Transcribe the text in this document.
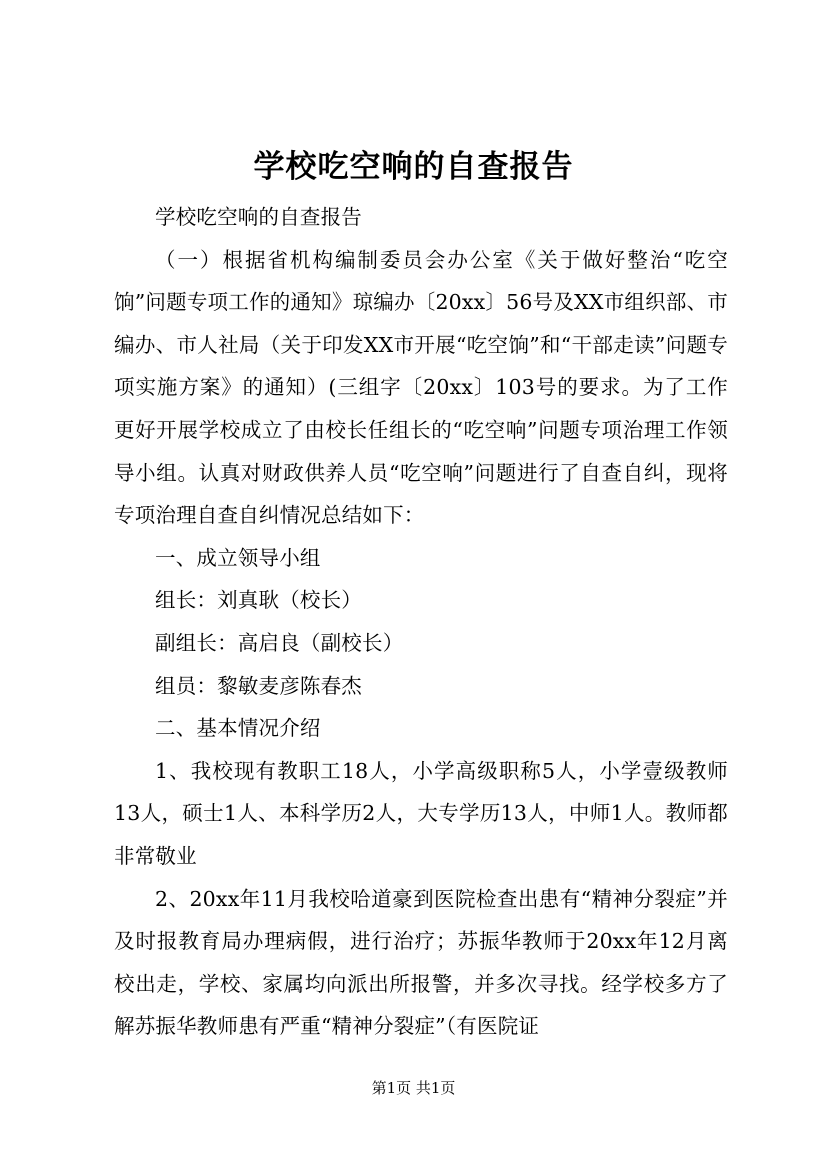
学校吃空响的自查报告

学校吃空响的自查报告

（一）根据省机构编制委员会办公室《关于做好整治“吃空饷”问题专项工作的通知》琼编办〔20xx〕56号及XX市组织部、市编办、市人社局（关于印发XX市开展“吃空饷”和“干部走读”问题专项实施方案》的通知）(三组字〔20xx〕103号的要求。为了工作更好开展学校成立了由校长任组长的“吃空响”问题专项治理工作领导小组。认真对财政供养人员“吃空响”问题进行了自查自纠，现将专项治理自查自纠情况总结如下：

一、成立领导小组

组长：刘真耿（校长）

副组长：高启良（副校长）

组员：黎敏麦彦陈春杰

二、基本情况介绍

1、我校现有教职工18人，小学高级职称5人，小学壹级教师13人，硕士1人、本科学历2人，大专学历13人，中师1人。教师都非常敬业

2、20xx年11月我校哈道豪到医院检查出患有“精神分裂症”并及时报教育局办理病假，进行治疗；苏振华教师于20xx年12月离校出走，学校、家属均向派出所报警，并多次寻找。经学校多方了解苏振华教师患有严重“精神分裂症”（有医院证

第1页 共1页
